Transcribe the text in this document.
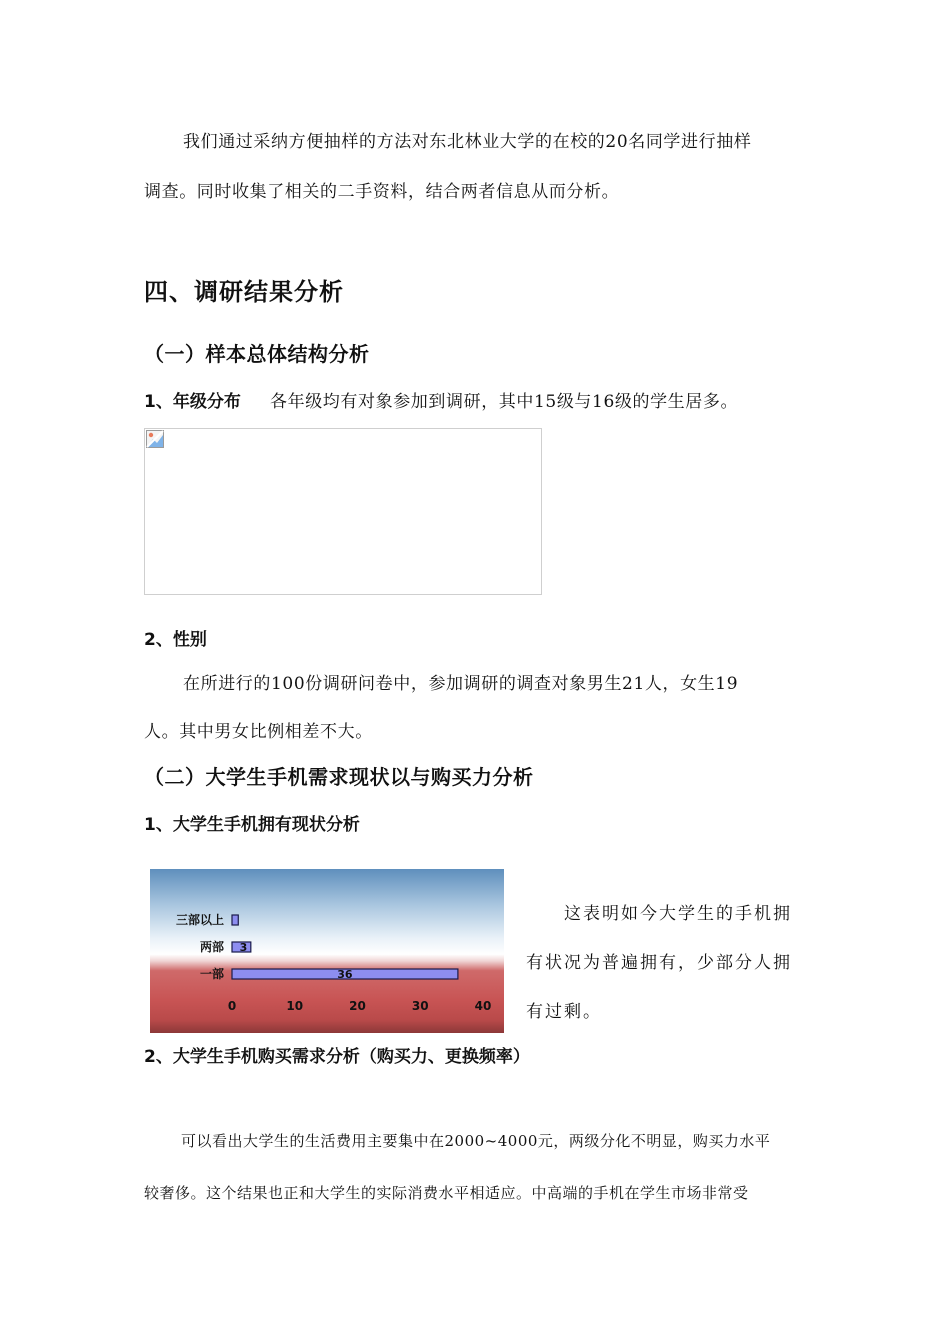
我们通过采纳方便抽样的方法对东北林业大学的在校的20名同学进行抽样
调查。同时收集了相关的二手资料，结合两者信息从而分析。
四、调研结果分析
（一）样本总体结构分析
1、年级分布 各年级均有对象参加到调研，其中15级与16级的学生居多。
2、性别
在所进行的100份调研问卷中，参加调研的调查对象男生21人，女生19
人。其中男女比例相差不大。
（二）大学生手机需求现状以与购买力分析
1、大学生手机拥有现状分析
三部以上
两部 3
一部	36
0	10	20	30	40
这表明如今大学生的手机拥
有状况为普遍拥有，少部分人拥
有过剩。
2、大学生手机购买需求分析（购买力、更换频率）
可以看出大学生的生活费用主要集中在2000~4000元，两级分化不明显，购买力水平
较奢侈。这个结果也正和大学生的实际消费水平相适应。中高端的手机在学生市场非常受
